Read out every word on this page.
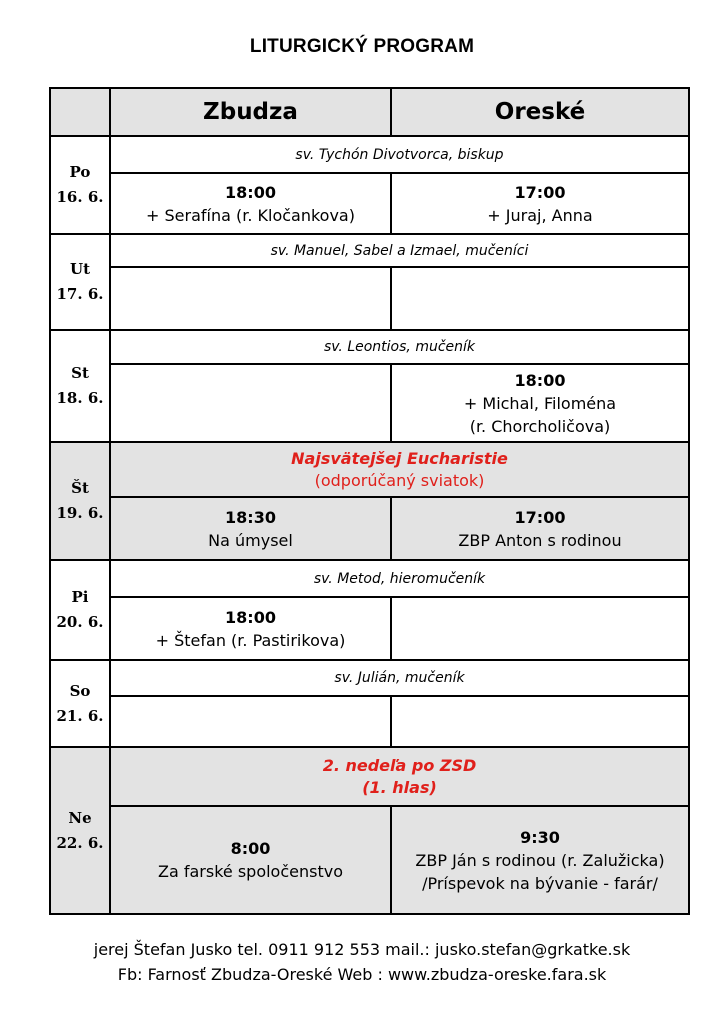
LITURGICKÝ PROGRAM
Zbudza	Oreské
Po
16. 6.
sv. Tychón Divotvorca, biskup
18:00
+ Serafína (r. Kločankova)
17:00
+ Juraj, Anna
Ut
17. 6.
sv. Manuel, Sabel a Izmael, mučeníci
St
18. 6.
sv. Leontios, mučeník
18:00
+ Michal, Filoména
(r. Chorcholičova)
Št
19. 6.
Najsvätejšej Eucharistie
(odporúčaný sviatok)
18:30
Na úmysel
17:00
ZBP Anton s rodinou
Pi
20. 6.
sv. Metod, hieromučeník
18:00
+ Štefan (r. Pastirikova)
So
21. 6.
sv. Julián, mučeník
Ne
22. 6.
2. nedeľa po ZSD
(1. hlas)
8:00
Za farské spoločenstvo
9:30
ZBP Ján s rodinou (r. Zalužicka)
/Príspevok na bývanie - farár/
jerej Štefan Jusko tel. 0911 912 553 mail.: jusko.stefan@grkatke.sk
Fb: Farnosť Zbudza-Oreské Web : www.zbudza-oreske.fara.sk
